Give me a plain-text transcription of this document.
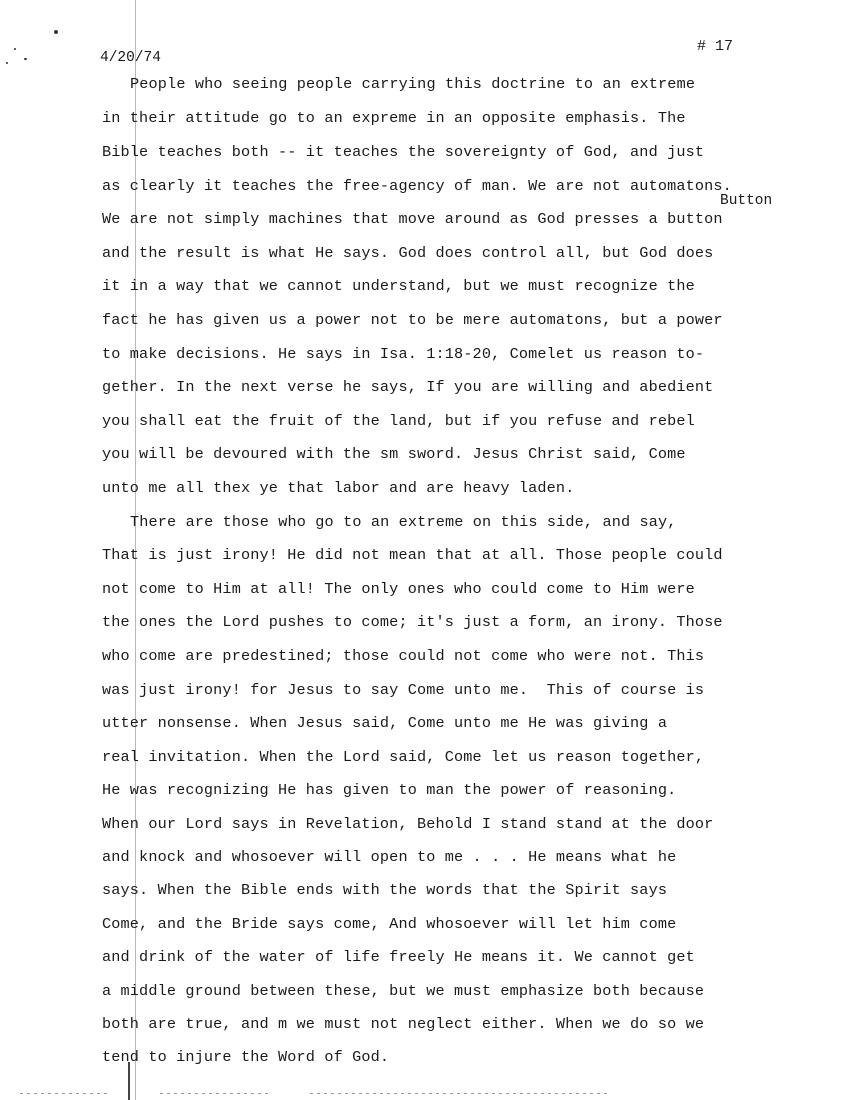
4/20/74
# 17
Button
People who seeing people carrying this doctrine to an extreme
in their attitude go to an expreme in an opposite emphasis. The
Bible teaches both -- it teaches the sovereignty of God, and just
as clearly it teaches the free-agency of man. We are not automatons.
We are not simply machines that move around as God presses a button
and the result is what He says. God does control all, but God does
it in a way that we cannot understand, but we must recognize the
fact he has given us a power not to be mere automatons, but a power
to make decisions. He says in Isa. 1:18-20, Comelet us reason to-
gether. In the next verse he says, If you are willing and abedient
you shall eat the fruit of the land, but if you refuse and rebel
you will be devoured with the sm sword. Jesus Christ said, Come
unto me all thex ye that labor and are heavy laden.
There are those who go to an extreme on this side, and say,
That is just irony! He did not mean that at all. Those people could
not come to Him at all! The only ones who could come to Him were
the ones the Lord pushes to come; it's just a form, an irony. Those
who come are predestined; those could not come who were not. This
was just irony! for Jesus to say Come unto me.  This of course is
utter nonsense. When Jesus said, Come unto me He was giving a
real invitation. When the Lord said, Come let us reason together,
He was recognizing He has given to man the power of reasoning.
When our Lord says in Revelation, Behold I stand stand at the door
and knock and whosoever will open to me . . . He means what he
says. When the Bible ends with the words that the Spirit says
Come, and the Bride says come, And whosoever will let him come
and drink of the water of life freely He means it. We cannot get
a middle ground between these, but we must emphasize both because
both are true, and m we must not neglect either. When we do so we
tend to injure the Word of God.
